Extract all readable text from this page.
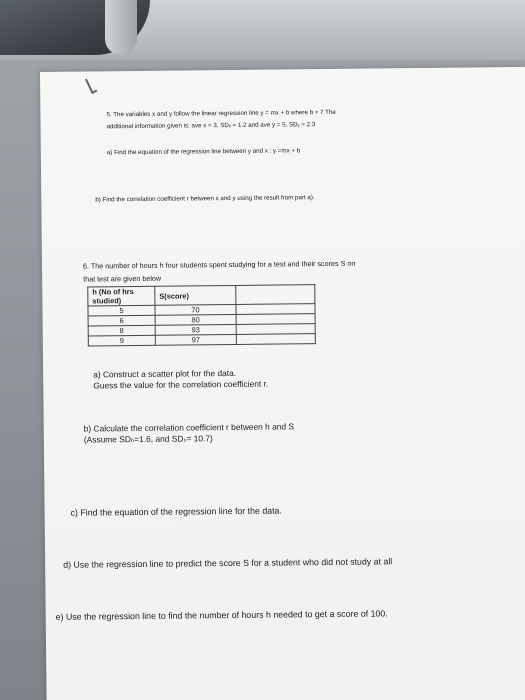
5. The variables x and y follow the linear regression line y = mx + b where b = 7 The
additional information given is: ave x = 3, SDₓ = 1.2 and ave y = 5, SDᵧ = 2.3
a) Find the equation of the regression line between y and x : y =mx + b
b) Find the correlation coefficient r between x and y using the result from part a).
6. The number of hours h four students spent studying for a test and their scores S on
that test are given below
h (No of hrs studied)	S(score)	
5	70	
6	80	
8	93	
9	97	
a) Construct a scatter plot for the data.
Guess the value for the correlation coefficient r.
b) Calculate the correlation coefficient r between h and S
(Assume SDₕ=1.6, and SDₛ= 10.7)
c) Find the equation of the regression line for the data.
d) Use the regression line to predict the score S for a student who did not study at all
e) Use the regression line to find the number of hours h needed to get a score of 100.
